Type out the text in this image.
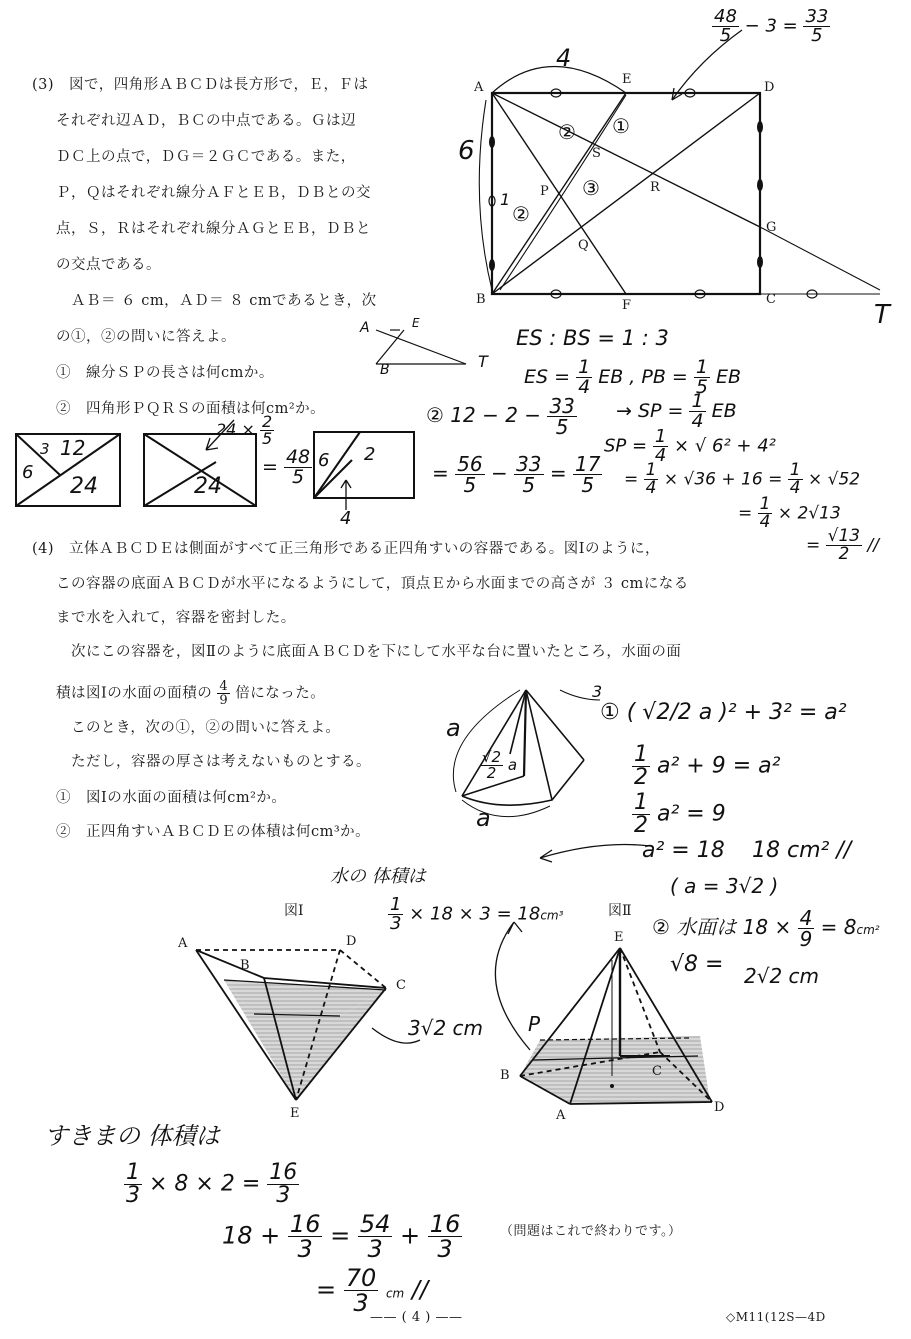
(3)　図で，四角形ＡＢＣＤは長方形で，Ｅ，Ｆは
それぞれ辺ＡＤ，ＢＣの中点である。Ｇは辺
ＤＣ上の点で，ＤＧ＝２ＧＣである。また，
Ｐ，Ｑはそれぞれ線分ＡＦとＥＢ，ＤＢとの交
点，Ｓ，Ｒはそれぞれ線分ＡＧとＥＢ，ＤＢと
の交点である。
　ＡＢ＝ ６ cm，ＡＤ＝ ８ cmであるとき，次
の①，②の問いに答えよ。
①　線分ＳＰの長さは何cmか。
②　四角形ＰＱＲＳの面積は何cm²か。
A
E
D
B	F	C
G
S
P
Q
R
4
6
1
②
② ①
③
T
$\frac{48}{5} - 3 = \frac{33}{5}$
A	E
B	T
ES : BS = 1 : 3
ES = $\frac{1}{4}$ EB , PB = $\frac{1}{5}$ EB
→ SP = $\frac{1}{4}$ EB
SP = $\frac{1}{4}$ × √ 6² + 4²
= $\frac{1}{4} \times √36 + 16 = \frac{1}{4} \times √52$
= $\frac{1}{4} \times 2√13$
= $\frac{√13}{2}$ //
② $12 - 2 - \frac{33}{5}$
= $\frac{56}{5} - \frac{33}{5} = \frac{17}{5}$
6
3 12
24
$24 \times \frac{2}{5}$
24
= $\frac{48}{5} 6$ 2
4
(4)　立体ＡＢＣＤＥは側面がすべて正三角形である正四角すいの容器である。図Ⅰのように，
この容器の底面ＡＢＣＤが水平になるようにして，頂点Ｅから水面までの高さが ３ cmになる
まで水を入れて，容器を密封した。
　次にこの容器を，図Ⅱのように底面ＡＢＣＤを下にして水平な台に置いたところ，水面の面
積は図Ⅰの水面の面積の $\frac{4}{9}$ 倍になった。
　このとき，次の①，②の問いに答えよ。
　ただし，容器の厚さは考えないものとする。
①　図Ⅰの水面の面積は何cm²か。
②　正四角すいＡＢＣＤＥの体積は何cm³か。
a
a
3
$\frac{√2}{2}$ a
① ( √2/2 a )² + 3² = a²
$\frac{1}{2} a^2 + 9 = a^2$
$\frac{1}{2} a^2 = 9$
a² = 18 18 cm² //
( a = 3√2 )
水の 体積は
$\frac{1}{3} \times 18 \times 3 = 18cm^3$	② 水面は $18 \times \frac{4}{9} = 8cm^2$
√8 = 2√2 cm
3√2 cm
すきまの 体積は
$\frac{1}{3} \times 8 \times 2 = \frac{16}{3}$
$18 + \frac{16}{3} = \frac{54}{3} + \frac{16}{3}$
= $\frac{70}{3}$ cm //
図Ⅰ	図Ⅱ
A
B
C
D
E
E
B
A
D
C
P
（問題はこれで終わりです。）
—— ( 4 ) ——	◇M11(12S—4D
